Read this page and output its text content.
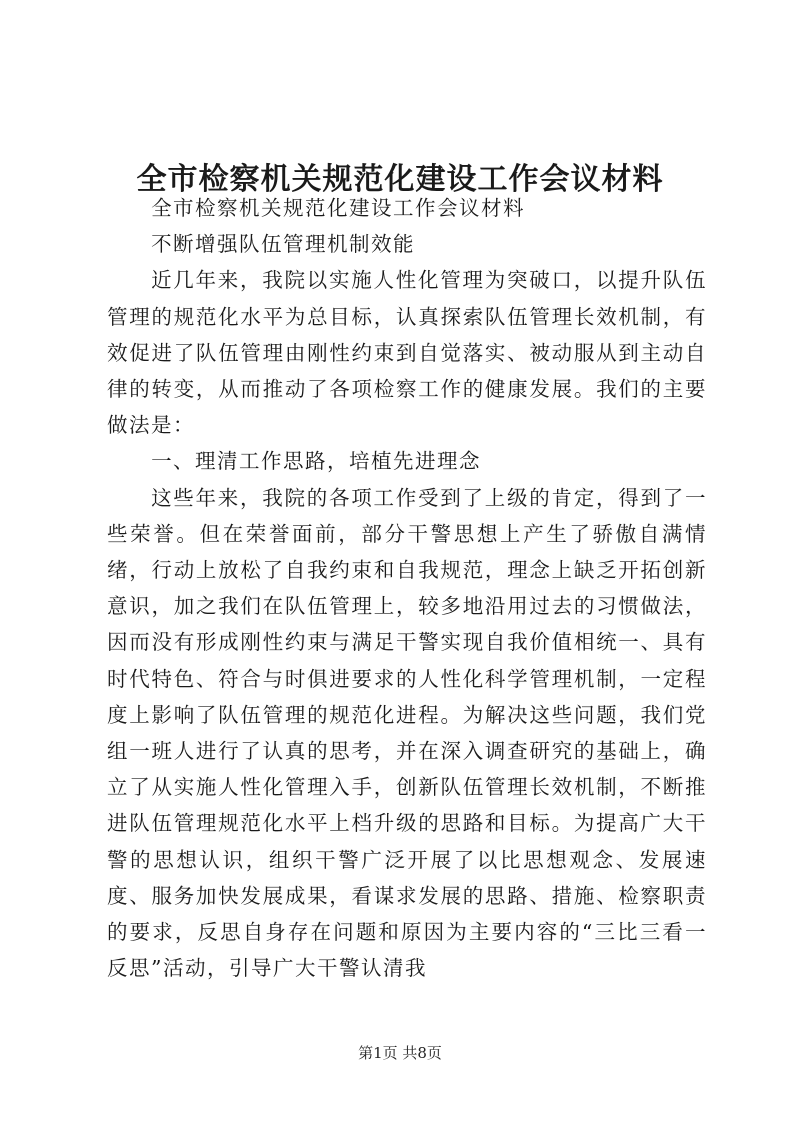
全市检察机关规范化建设工作会议材料

全市检察机关规范化建设工作会议材料

不断增强队伍管理机制效能

近几年来，我院以实施人性化管理为突破口，以提升队伍管理的规范化水平为总目标，认真探索队伍管理长效机制，有效促进了队伍管理由刚性约束到自觉落实、被动服从到主动自律的转变，从而推动了各项检察工作的健康发展。我们的主要做法是：

一、理清工作思路，培植先进理念

这些年来，我院的各项工作受到了上级的肯定，得到了一些荣誉。但在荣誉面前，部分干警思想上产生了骄傲自满情绪，行动上放松了自我约束和自我规范，理念上缺乏开拓创新意识，加之我们在队伍管理上，较多地沿用过去的习惯做法，因而没有形成刚性约束与满足干警实现自我价值相统一、具有时代特色、符合与时俱进要求的人性化科学管理机制，一定程度上影响了队伍管理的规范化进程。为解决这些问题，我们党组一班人进行了认真的思考，并在深入调查研究的基础上，确立了从实施人性化管理入手，创新队伍管理长效机制，不断推进队伍管理规范化水平上档升级的思路和目标。为提高广大干警的思想认识，组织干警广泛开展了以比思想观念、发展速度、服务加快发展成果，看谋求发展的思路、措施、检察职责的要求，反思自身存在问题和原因为主要内容的“三比三看一反思”活动，引导广大干警认清我

第1页 共8页
